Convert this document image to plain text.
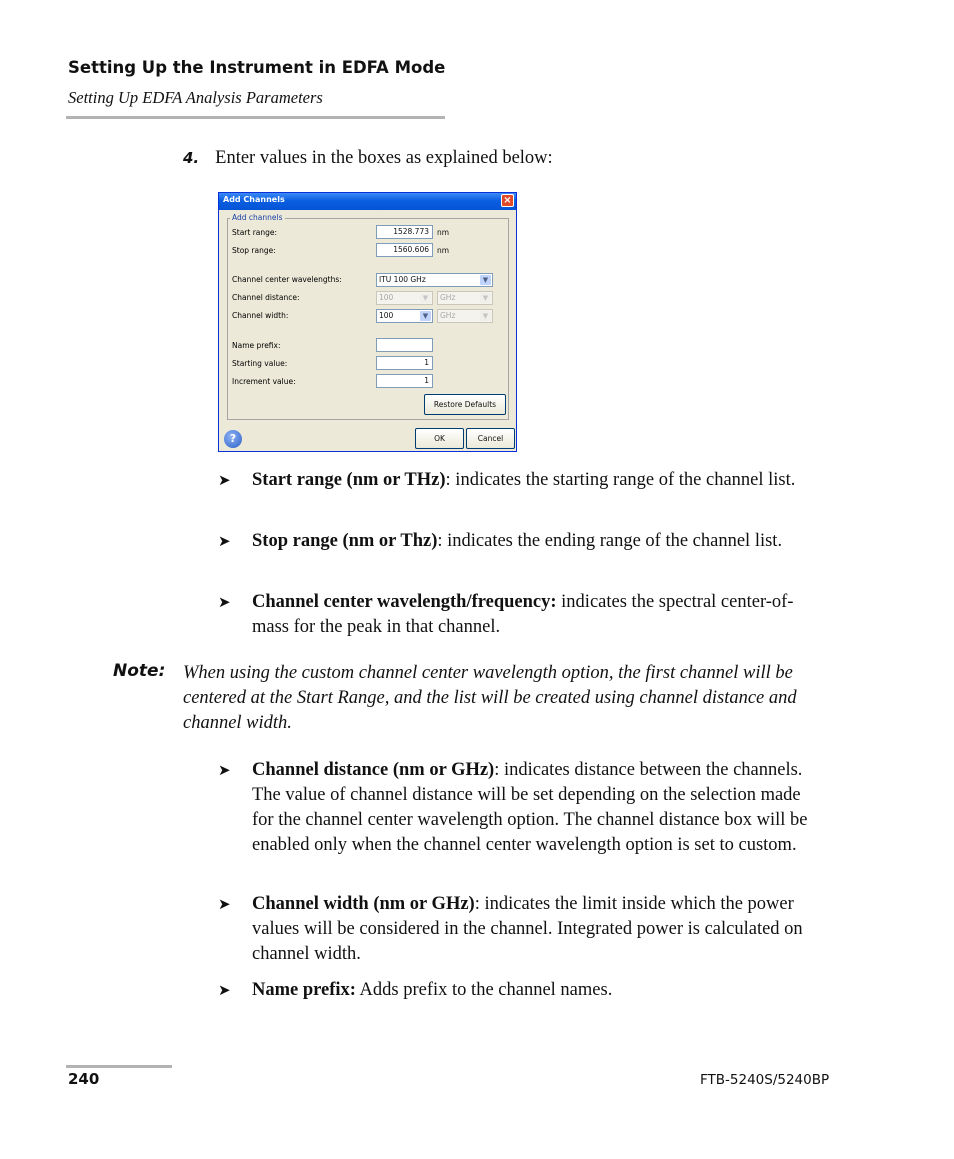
Setting Up the Instrument in EDFA Mode
Setting Up EDFA Analysis Parameters
4. Enter values in the boxes as explained below:
Add Channels	×
Add channels
Start range:	1528.773	nm
Stop range:	1560.606	nm
Channel center wavelengths:	ITU 100 GHz	▼
Channel distance:	100	▼	GHz	▼
Channel width:	100	▼	GHz	▼
Name prefix:
Starting value:	1
Increment value:	1
Restore Defaults
?	OK	Cancel
➤ Start range (nm or THz): indicates the starting range of the channel list.
➤ Stop range (nm or Thz): indicates the ending range of the channel list.
➤ Channel center wavelength/frequency: indicates the spectral center-of-mass for the peak in that channel.
Note: When using the custom channel center wavelength option, the first channel will be centered at the Start Range, and the list will be created using channel distance and channel width.
➤ Channel distance (nm or GHz): indicates distance between the channels. The value of channel distance will be set depending on the selection made for the channel center wavelength option. The channel distance box will be enabled only when the channel center wavelength option is set to custom.
➤ Channel width (nm or GHz): indicates the limit inside which the power values will be considered in the channel. Integrated power is calculated on channel width.
➤ Name prefix: Adds prefix to the channel names.
240	FTB-5240S/5240BP
